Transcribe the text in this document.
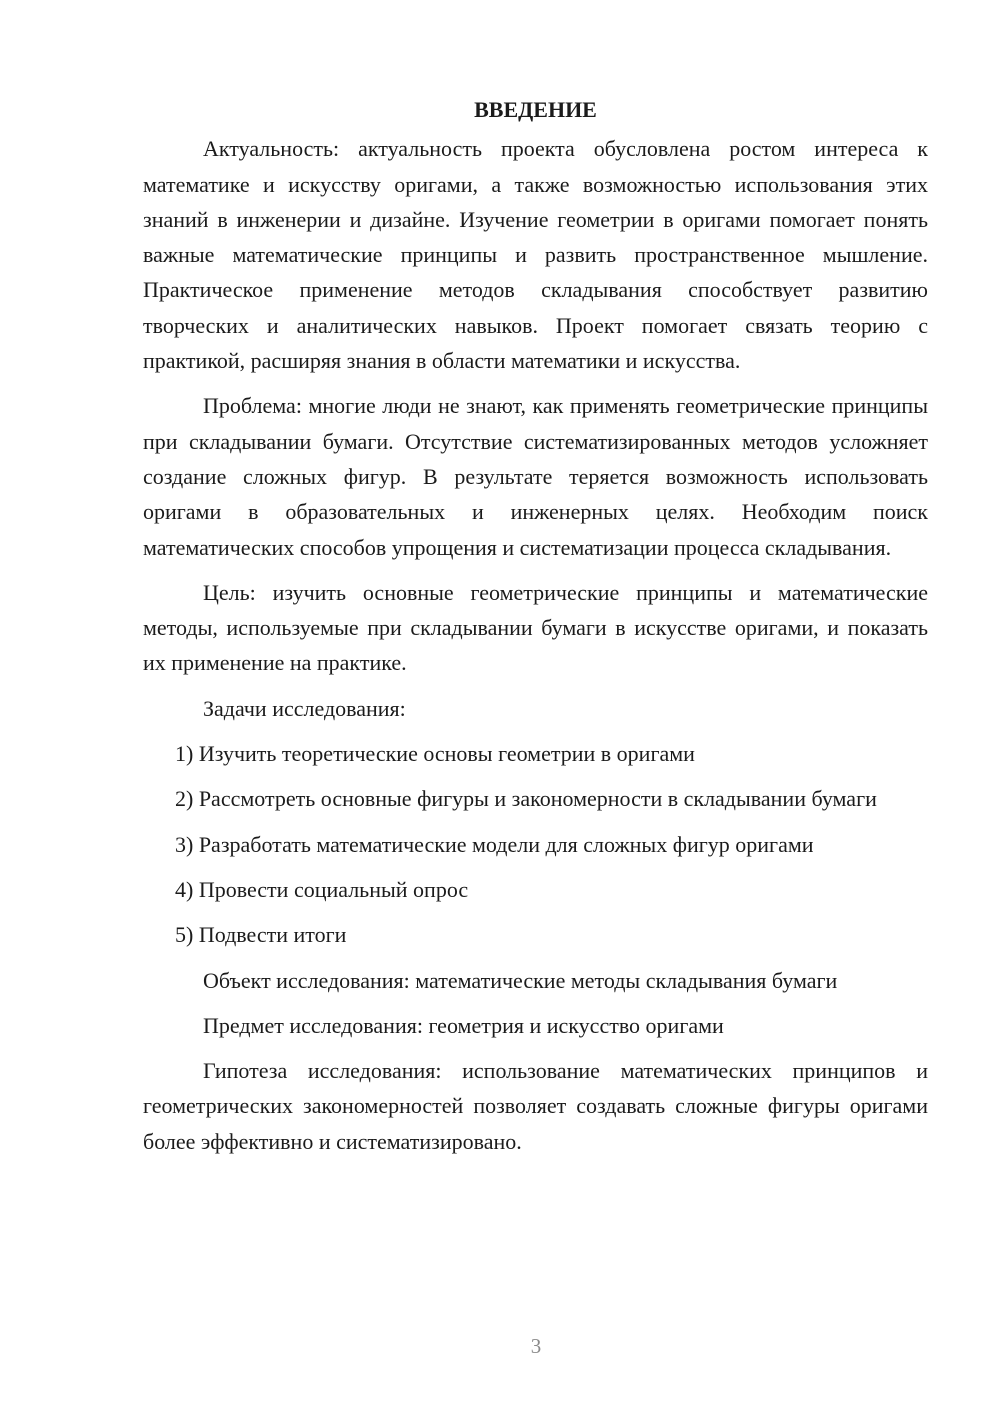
ВВЕДЕНИЕ

Актуальность: актуальность проекта обусловлена ростом интереса к математике и искусству оригами, а также возможностью использования этих знаний в инженерии и дизайне. Изучение геометрии в оригами помогает понять важные математические принципы и развить пространственное мышление. Практическое применение методов складывания способствует развитию творческих и аналитических навыков. Проект помогает связать теорию с практикой, расширяя знания в области математики и искусства.

Проблема: многие люди не знают, как применять геометрические принципы при складывании бумаги. Отсутствие систематизированных методов усложняет создание сложных фигур. В результате теряется возможность использовать оригами в образовательных и инженерных целях. Необходим поиск математических способов упрощения и систематизации процесса складывания.

Цель: изучить основные геометрические принципы и математические методы, используемые при складывании бумаги в искусстве оригами, и показать их применение на практике.

Задачи исследования:

1) Изучить теоретические основы геометрии в оригами

2) Рассмотреть основные фигуры и закономерности в складывании бумаги

3) Разработать математические модели для сложных фигур оригами

4) Провести социальный опрос

5) Подвести итоги

Объект исследования: математические методы складывания бумаги

Предмет исследования: геометрия и искусство оригами

Гипотеза исследования: использование математических принципов и геометрических закономерностей позволяет создавать сложные фигуры оригами более эффективно и систематизировано.

3
